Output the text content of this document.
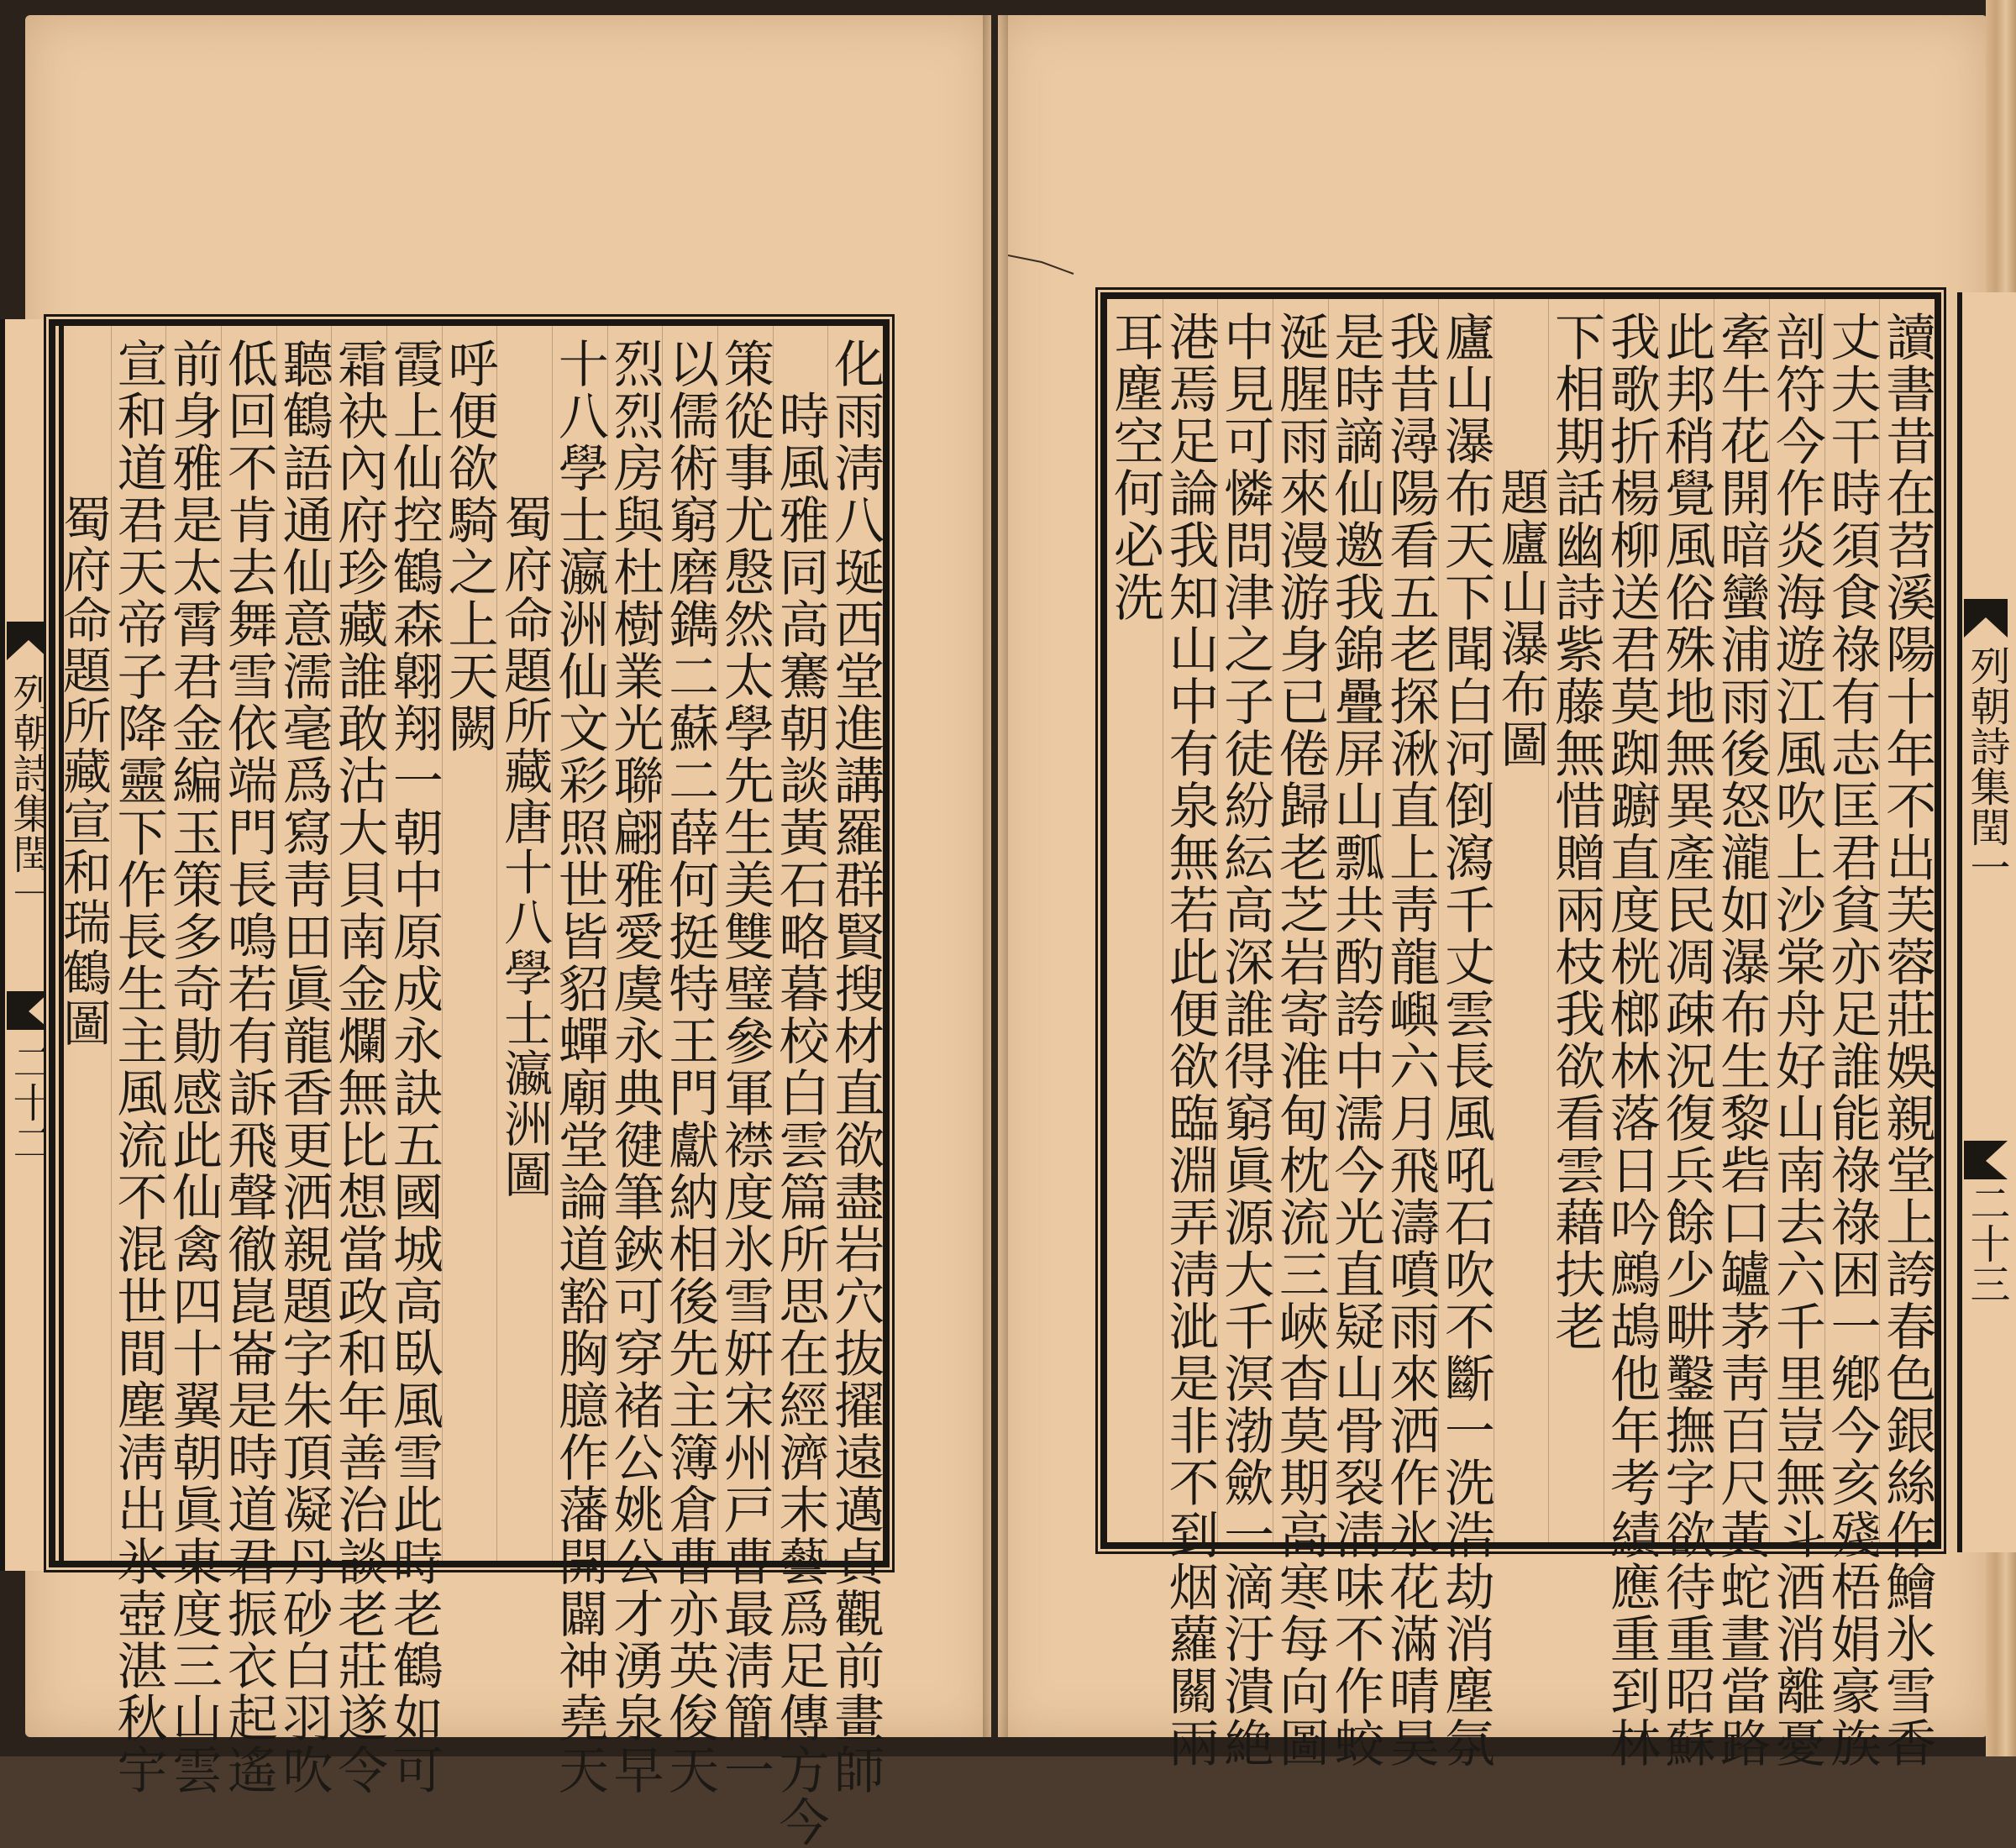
列朝詩集閏一
二十二	化雨淸八埏西堂進講羅群賢搜材直欲盡岩穴抜擢遠邁貞觀前畫師
時風雅同高騫朝談黃石略暮校白雲篇所思在經濟末藝爲足傳方今
策從事尤慇然太學先生美雙璧參軍襟度氷雪姸宋州戸曹最淸簡一
以儒術窮磨鐫二蘇二薛何挺特王門獻納相後先主簿倉曹亦英俊天
烈烈房與杜樹業光聯翩雅愛虞永典徤筆鋏可穿褚公姚公才湧泉早
十八學士瀛洲仙文彩照世皆貂蟬廟堂論道豁胸臆作藩開闢神堯天
蜀府命題所藏唐十八學士瀛洲圖
呼便欲騎之上天闕
霞上仙控鶴森翺翔一朝中原成永訣五國城高臥風雪此時老鶴如可
霜袂內府珍藏誰敢沽大貝南金爛無比想當政和年善治談老莊遂令
聽鶴語通仙意濡毫爲寫靑田眞龍香更洒親題字朱頂凝丹砂白羽吹
低回不肯去舞雪依端門長鳴若有訴飛聲徹崑崙是時道君振衣起遙
前身雅是太霄君金編玉策多奇勛感此仙禽四十翼朝眞東度三山雲
宣和道君天帝子降靈下作長生主風流不混世間塵淸出氷壺湛秋宇
蜀府命題所藏宣和瑞鶴圖	讀書昔在苕溪陽十年不出芙蓉莊娛親堂上誇春色銀絲作鱠氷雪香
丈夫干時須食祿有志匡君貧亦足誰能祿祿困一鄕今亥殘梧娟豪族
剖符今作炎海遊江風吹上沙棠舟好山南去六千里豈無斗酒消離憂
牽牛花開暗蠻浦雨後怒瀧如瀑布生黎砦口罏茅靑百尺黃蛇晝當路
此邦稍覺風俗殊地無異產民凋疎況復兵餘少畊鑿撫字欲待重昭蘇
我歌折楊柳送君莫踟躕直度桄榔林落日吟鷓鴣他年考績應重到林
下相期話幽詩紫藤無惜贈兩枝我欲看雲藉扶老
題廬山瀑布圖
廬山瀑布天下聞白河倒瀉千丈雲長風吼石吹不斷一洗浩劫消塵氛
我昔潯陽看五老探湫直上靑龍嶼六月飛濤噴雨來洒作氷花滿晴昊
是時謫仙邀我錦疊屏山瓢共酌誇中濡今光直疑山骨裂淸味不作蛟
涎腥雨來漫游身已倦歸老芝岩寄淮甸枕流三峽杳莫期高寒每向圖
中見可憐問津之子徒紛紜高深誰得窮眞源大千溟渤歛一滴汙潰絶
港焉足論我知山中有泉無若此便欲臨淵弄淸泚是非不到烟蘿關兩
耳塵空何必洗
列朝詩集閏一
二十三
